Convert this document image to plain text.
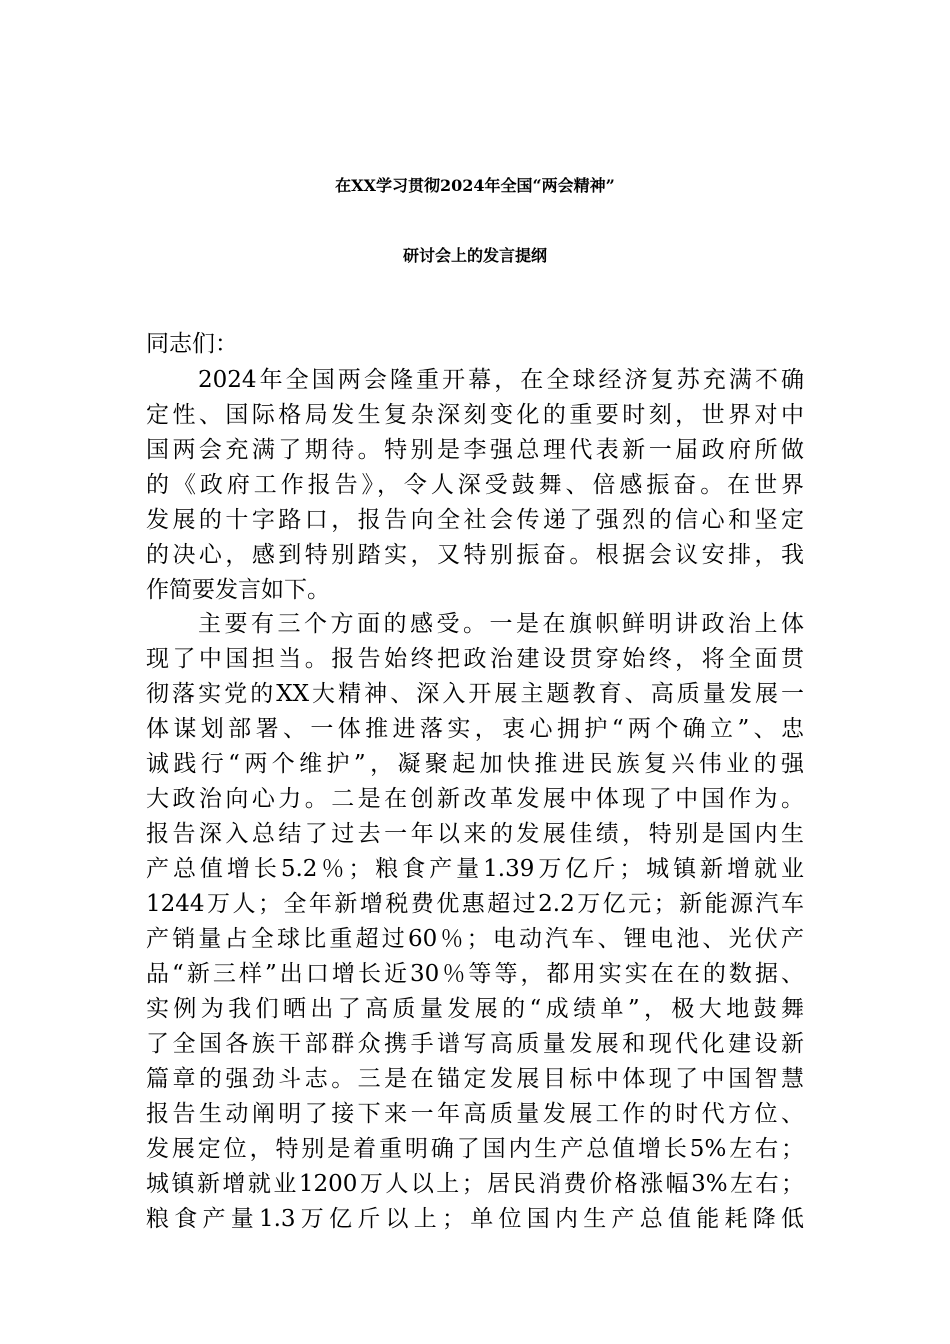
在XX学习贯彻2024年全国“两会精神”
研讨会上的发言提纲
同志们：
2024年全国两会隆重开幕，在全球经济复苏充满不确
定性、国际格局发生复杂深刻变化的重要时刻，世界对中
国两会充满了期待。特别是李强总理代表新一届政府所做
的《政府工作报告》，令人深受鼓舞、倍感振奋。在世界
发展的十字路口，报告向全社会传递了强烈的信心和坚定
的决心，感到特别踏实，又特别振奋。根据会议安排，我
作简要发言如下。
主要有三个方面的感受。一是在旗帜鲜明讲政治上体
现了中国担当。报告始终把政治建设贯穿始终，将全面贯
彻落实党的XX大精神、深入开展主题教育、高质量发展一
体谋划部署、一体推进落实，衷心拥护“两个确立”、忠
诚践行“两个维护”，凝聚起加快推进民族复兴伟业的强
大政治向心力。二是在创新改革发展中体现了中国作为。
报告深入总结了过去一年以来的发展佳绩，特别是国内生
产总值增长5.2％；粮食产量1.39万亿斤；城镇新增就业
1244万人；全年新增税费优惠超过2.2万亿元；新能源汽车
产销量占全球比重超过60％；电动汽车、锂电池、光伏产
品“新三样”出口增长近30％等等，都用实实在在的数据、
实例为我们晒出了高质量发展的“成绩单”，极大地鼓舞
了全国各族干部群众携手谱写高质量发展和现代化建设新
篇章的强劲斗志。三是在锚定发展目标中体现了中国智慧
报告生动阐明了接下来一年高质量发展工作的时代方位、
发展定位，特别是着重明确了国内生产总值增长5%左右；
城镇新增就业1200万人以上；居民消费价格涨幅3%左右；
粮食产量1.3万亿斤以上；单位国内生产总值能耗降低
